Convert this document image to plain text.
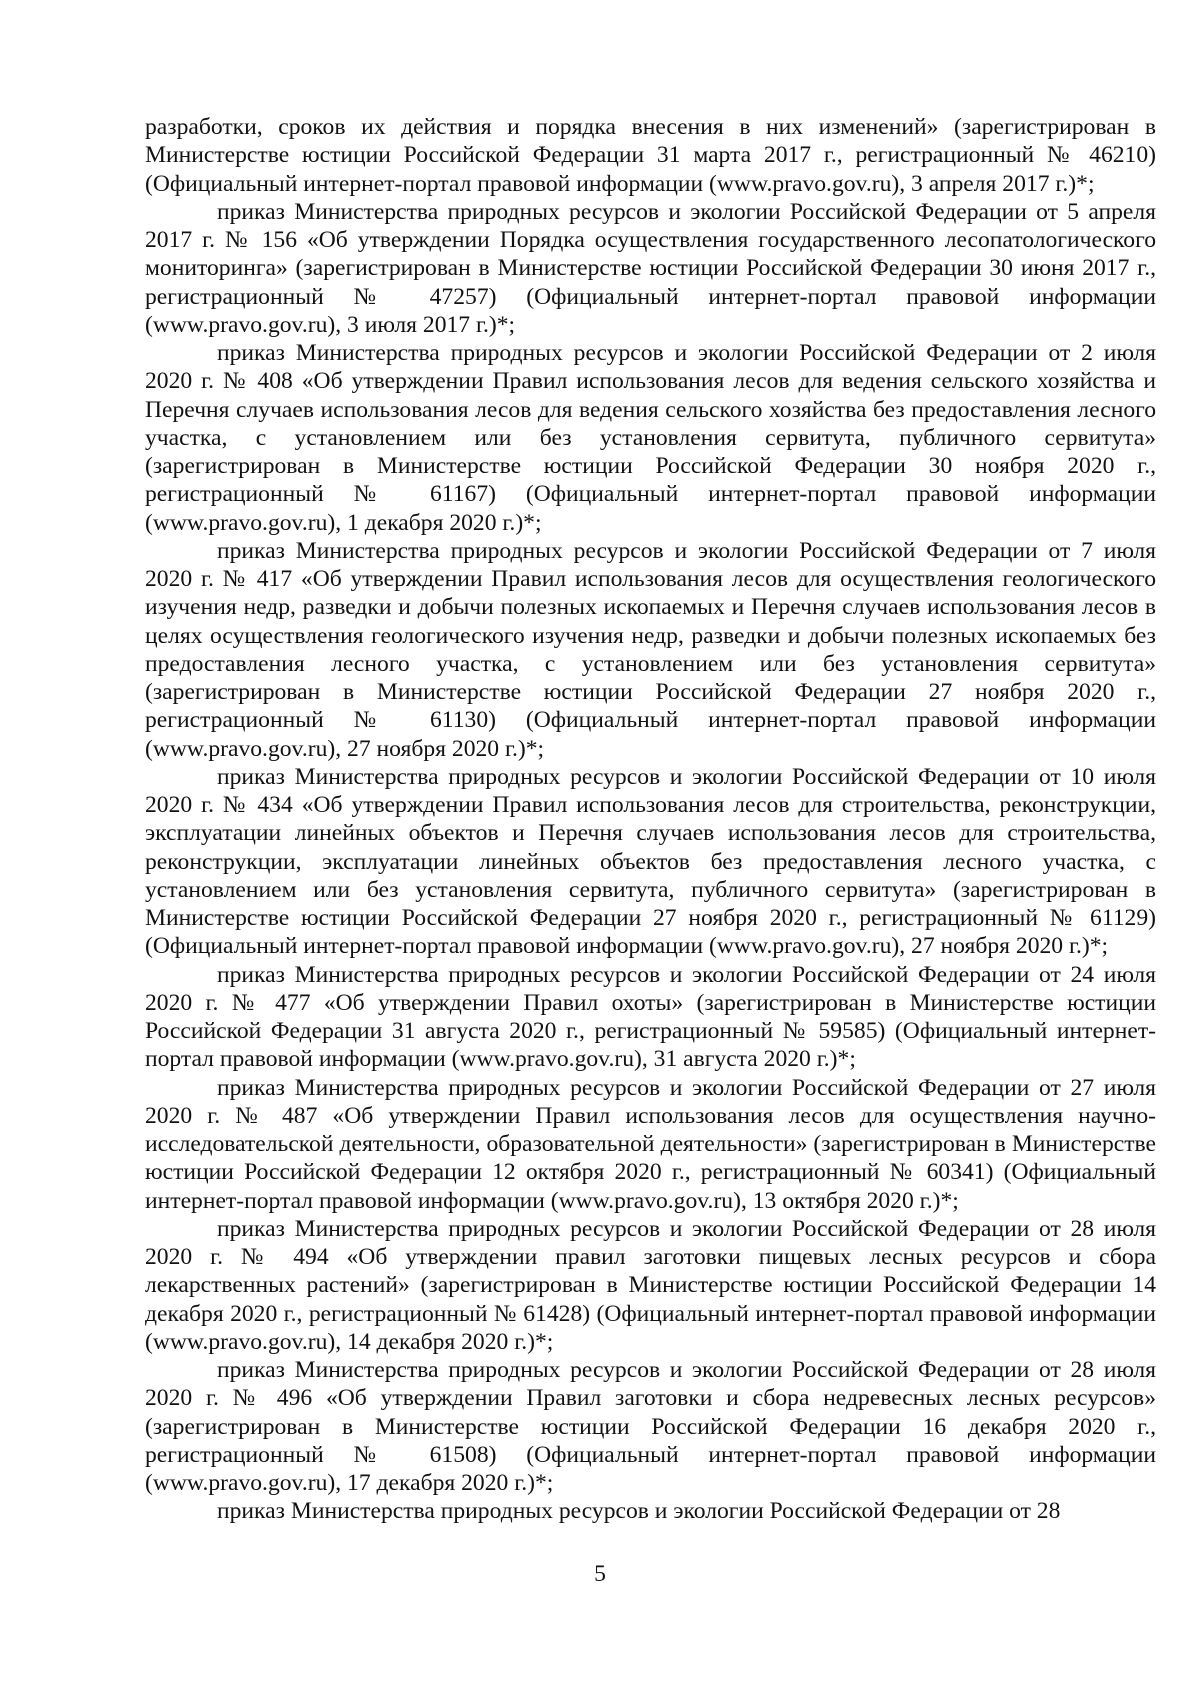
разработки, сроков их действия и порядка внесения в них изменений» (зарегистрирован в Министерстве юстиции Российской Федерации 31 марта 2017 г., регистрационный № 46210) (Официальный интернет-портал правовой информации (www.pravo.gov.ru), 3 апреля 2017 г.)*;

приказ Министерства природных ресурсов и экологии Российской Федерации от 5 апреля 2017 г. № 156 «Об утверждении Порядка осуществления государственного лесопатологического мониторинга» (зарегистрирован в Министерстве юстиции Российской Федерации 30 июня 2017 г., регистрационный № 47257) (Официальный интернет-портал правовой информации (www.pravo.gov.ru), 3 июля 2017 г.)*;

приказ Министерства природных ресурсов и экологии Российской Федерации от 2 июля 2020 г. № 408 «Об утверждении Правил использования лесов для ведения сельского хозяйства и Перечня случаев использования лесов для ведения сельского хозяйства без предоставления лесного участка, с установлением или без установления сервитута, публичного сервитута» (зарегистрирован в Министерстве юстиции Российской Федерации 30 ноября 2020 г., регистрационный № 61167) (Официальный интернет-портал правовой информации (www.pravo.gov.ru), 1 декабря 2020 г.)*;

приказ Министерства природных ресурсов и экологии Российской Федерации от 7 июля 2020 г. № 417 «Об утверждении Правил использования лесов для осуществления геологического изучения недр, разведки и добычи полезных ископаемых и Перечня случаев использования лесов в целях осуществления геологического изучения недр, разведки и добычи полезных ископаемых без предоставления лесного участка, с установлением или без установления сервитута» (зарегистрирован в Министерстве юстиции Российской Федерации 27 ноября 2020 г., регистрационный № 61130) (Официальный интернет-портал правовой информации (www.pravo.gov.ru), 27 ноября 2020 г.)*;

приказ Министерства природных ресурсов и экологии Российской Федерации от 10 июля 2020 г. № 434 «Об утверждении Правил использования лесов для строительства, реконструкции, эксплуатации линейных объектов и Перечня случаев использования лесов для строительства, реконструкции, эксплуатации линейных объектов без предоставления лесного участка, с установлением или без установления сервитута, публичного сервитута» (зарегистрирован в Министерстве юстиции Российской Федерации 27 ноября 2020 г., регистрационный № 61129) (Официальный интернет-портал правовой информации (www.pravo.gov.ru), 27 ноября 2020 г.)*;

приказ Министерства природных ресурсов и экологии Российской Федерации от 24 июля 2020 г. № 477 «Об утверждении Правил охоты» (зарегистрирован в Министерстве юстиции Российской Федерации 31 августа 2020 г., регистрационный № 59585) (Официальный интернет-портал правовой информации (www.pravo.gov.ru), 31 августа 2020 г.)*;

приказ Министерства природных ресурсов и экологии Российской Федерации от 27 июля 2020 г. № 487 «Об утверждении Правил использования лесов для осуществления научно-исследовательской деятельности, образовательной деятельности» (зарегистрирован в Министерстве юстиции Российской Федерации 12 октября 2020 г., регистрационный № 60341) (Официальный интернет-портал правовой информации (www.pravo.gov.ru), 13 октября 2020 г.)*;

приказ Министерства природных ресурсов и экологии Российской Федерации от 28 июля 2020 г. № 494 «Об утверждении правил заготовки пищевых лесных ресурсов и сбора лекарственных растений» (зарегистрирован в Министерстве юстиции Российской Федерации 14 декабря 2020 г., регистрационный № 61428) (Официальный интернет-портал правовой информации (www.pravo.gov.ru), 14 декабря 2020 г.)*;

приказ Министерства природных ресурсов и экологии Российской Федерации от 28 июля 2020 г. № 496 «Об утверждении Правил заготовки и сбора недревесных лесных ресурсов» (зарегистрирован в Министерстве юстиции Российской Федерации 16 декабря 2020 г., регистрационный № 61508) (Официальный интернет-портал правовой информации (www.pravo.gov.ru), 17 декабря 2020 г.)*;

приказ Министерства природных ресурсов и экологии Российской Федерации от 28

5
